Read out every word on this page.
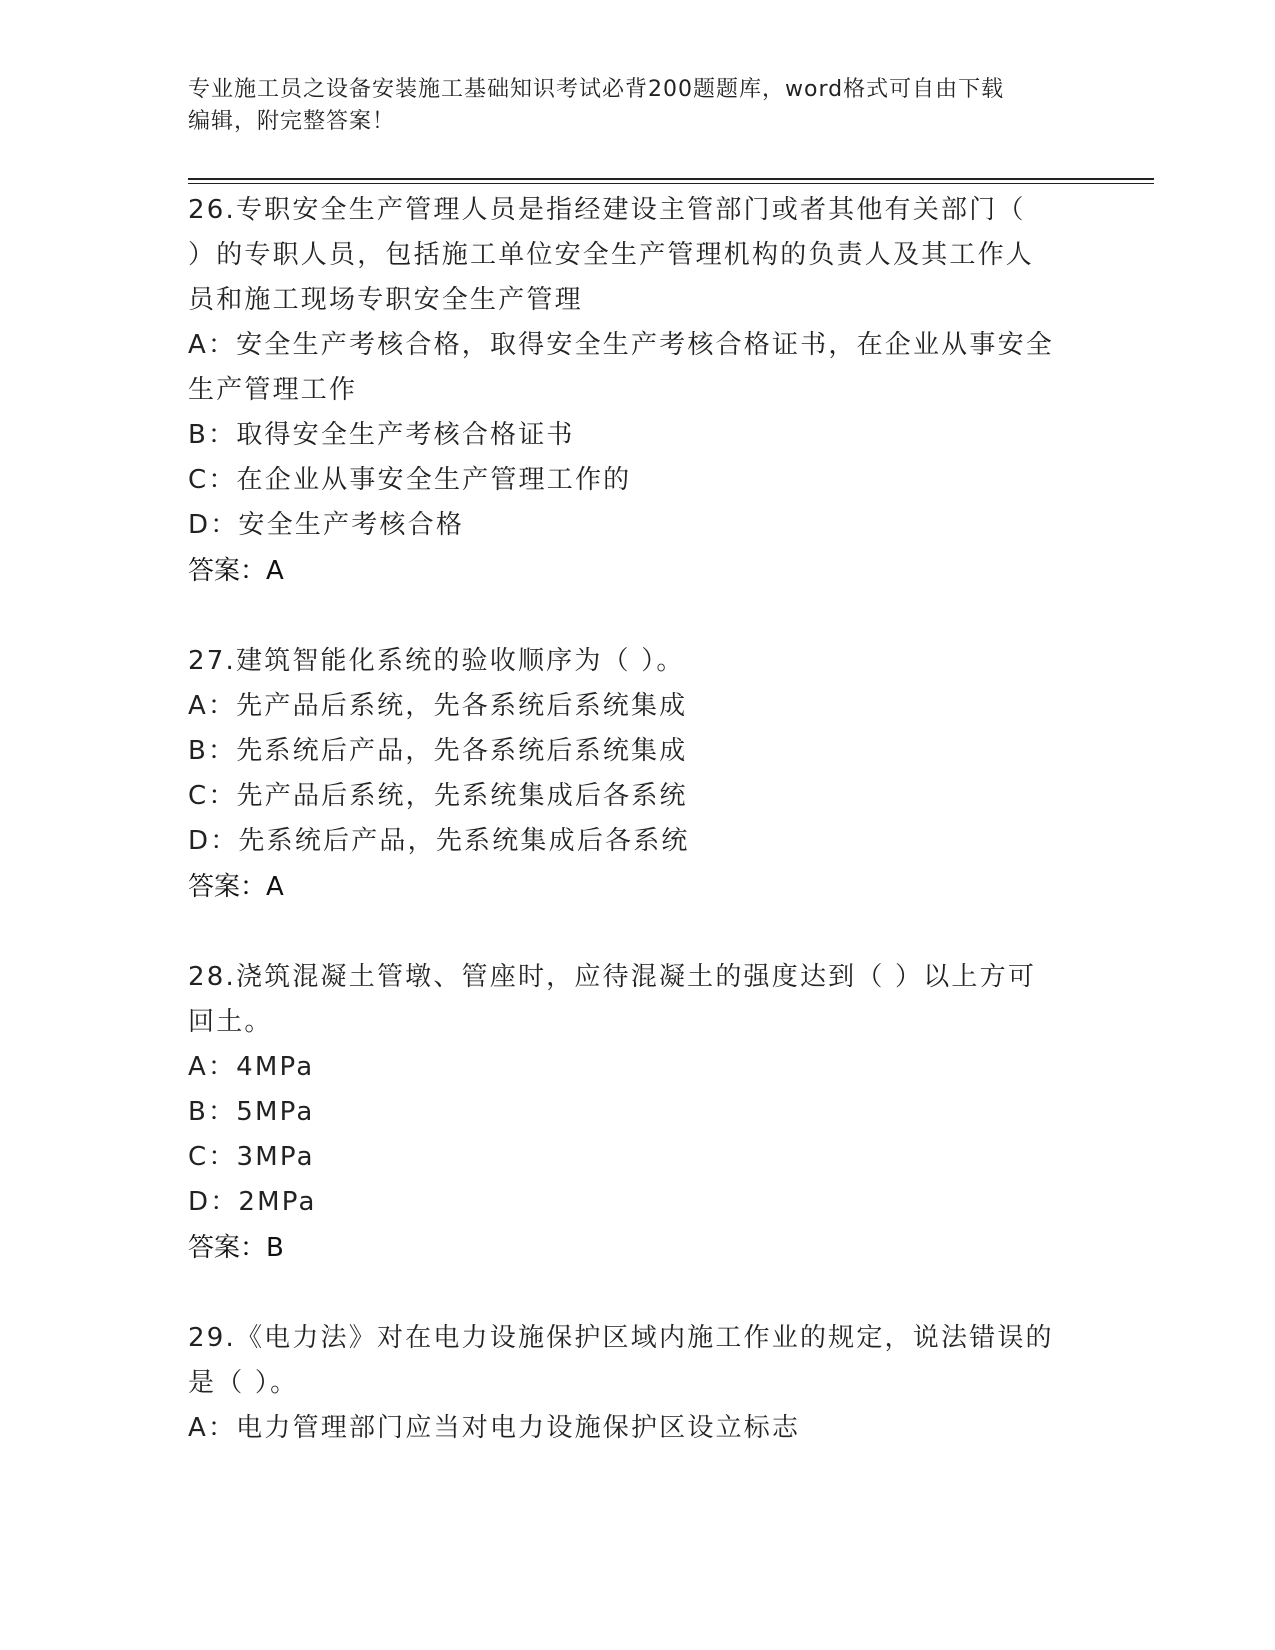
专业施工员之设备安装施工基础知识考试必背200题题库，word格式可自由下载
编辑，附完整答案！

26.专职安全生产管理人员是指经建设主管部门或者其他有关部门（

）的专职人员，包括施工单位安全生产管理机构的负责人及其工作人

员和施工现场专职安全生产管理

A：安全生产考核合格，取得安全生产考核合格证书，在企业从事安全

生产管理工作

B：取得安全生产考核合格证书

C：在企业从事安全生产管理工作的

D：安全生产考核合格

答案：A

27.建筑智能化系统的验收顺序为（ ）。

A：先产品后系统，先各系统后系统集成

B：先系统后产品，先各系统后系统集成

C：先产品后系统，先系统集成后各系统

D：先系统后产品，先系统集成后各系统

答案：A

28.浇筑混凝土管墩、管座时，应待混凝土的强度达到（ ）以上方可

回土。

A：4MPa

B：5MPa

C：3MPa

D：2MPa

答案：B

29.《电力法》对在电力设施保护区域内施工作业的规定，说法错误的

是（ ）。

A：电力管理部门应当对电力设施保护区设立标志
